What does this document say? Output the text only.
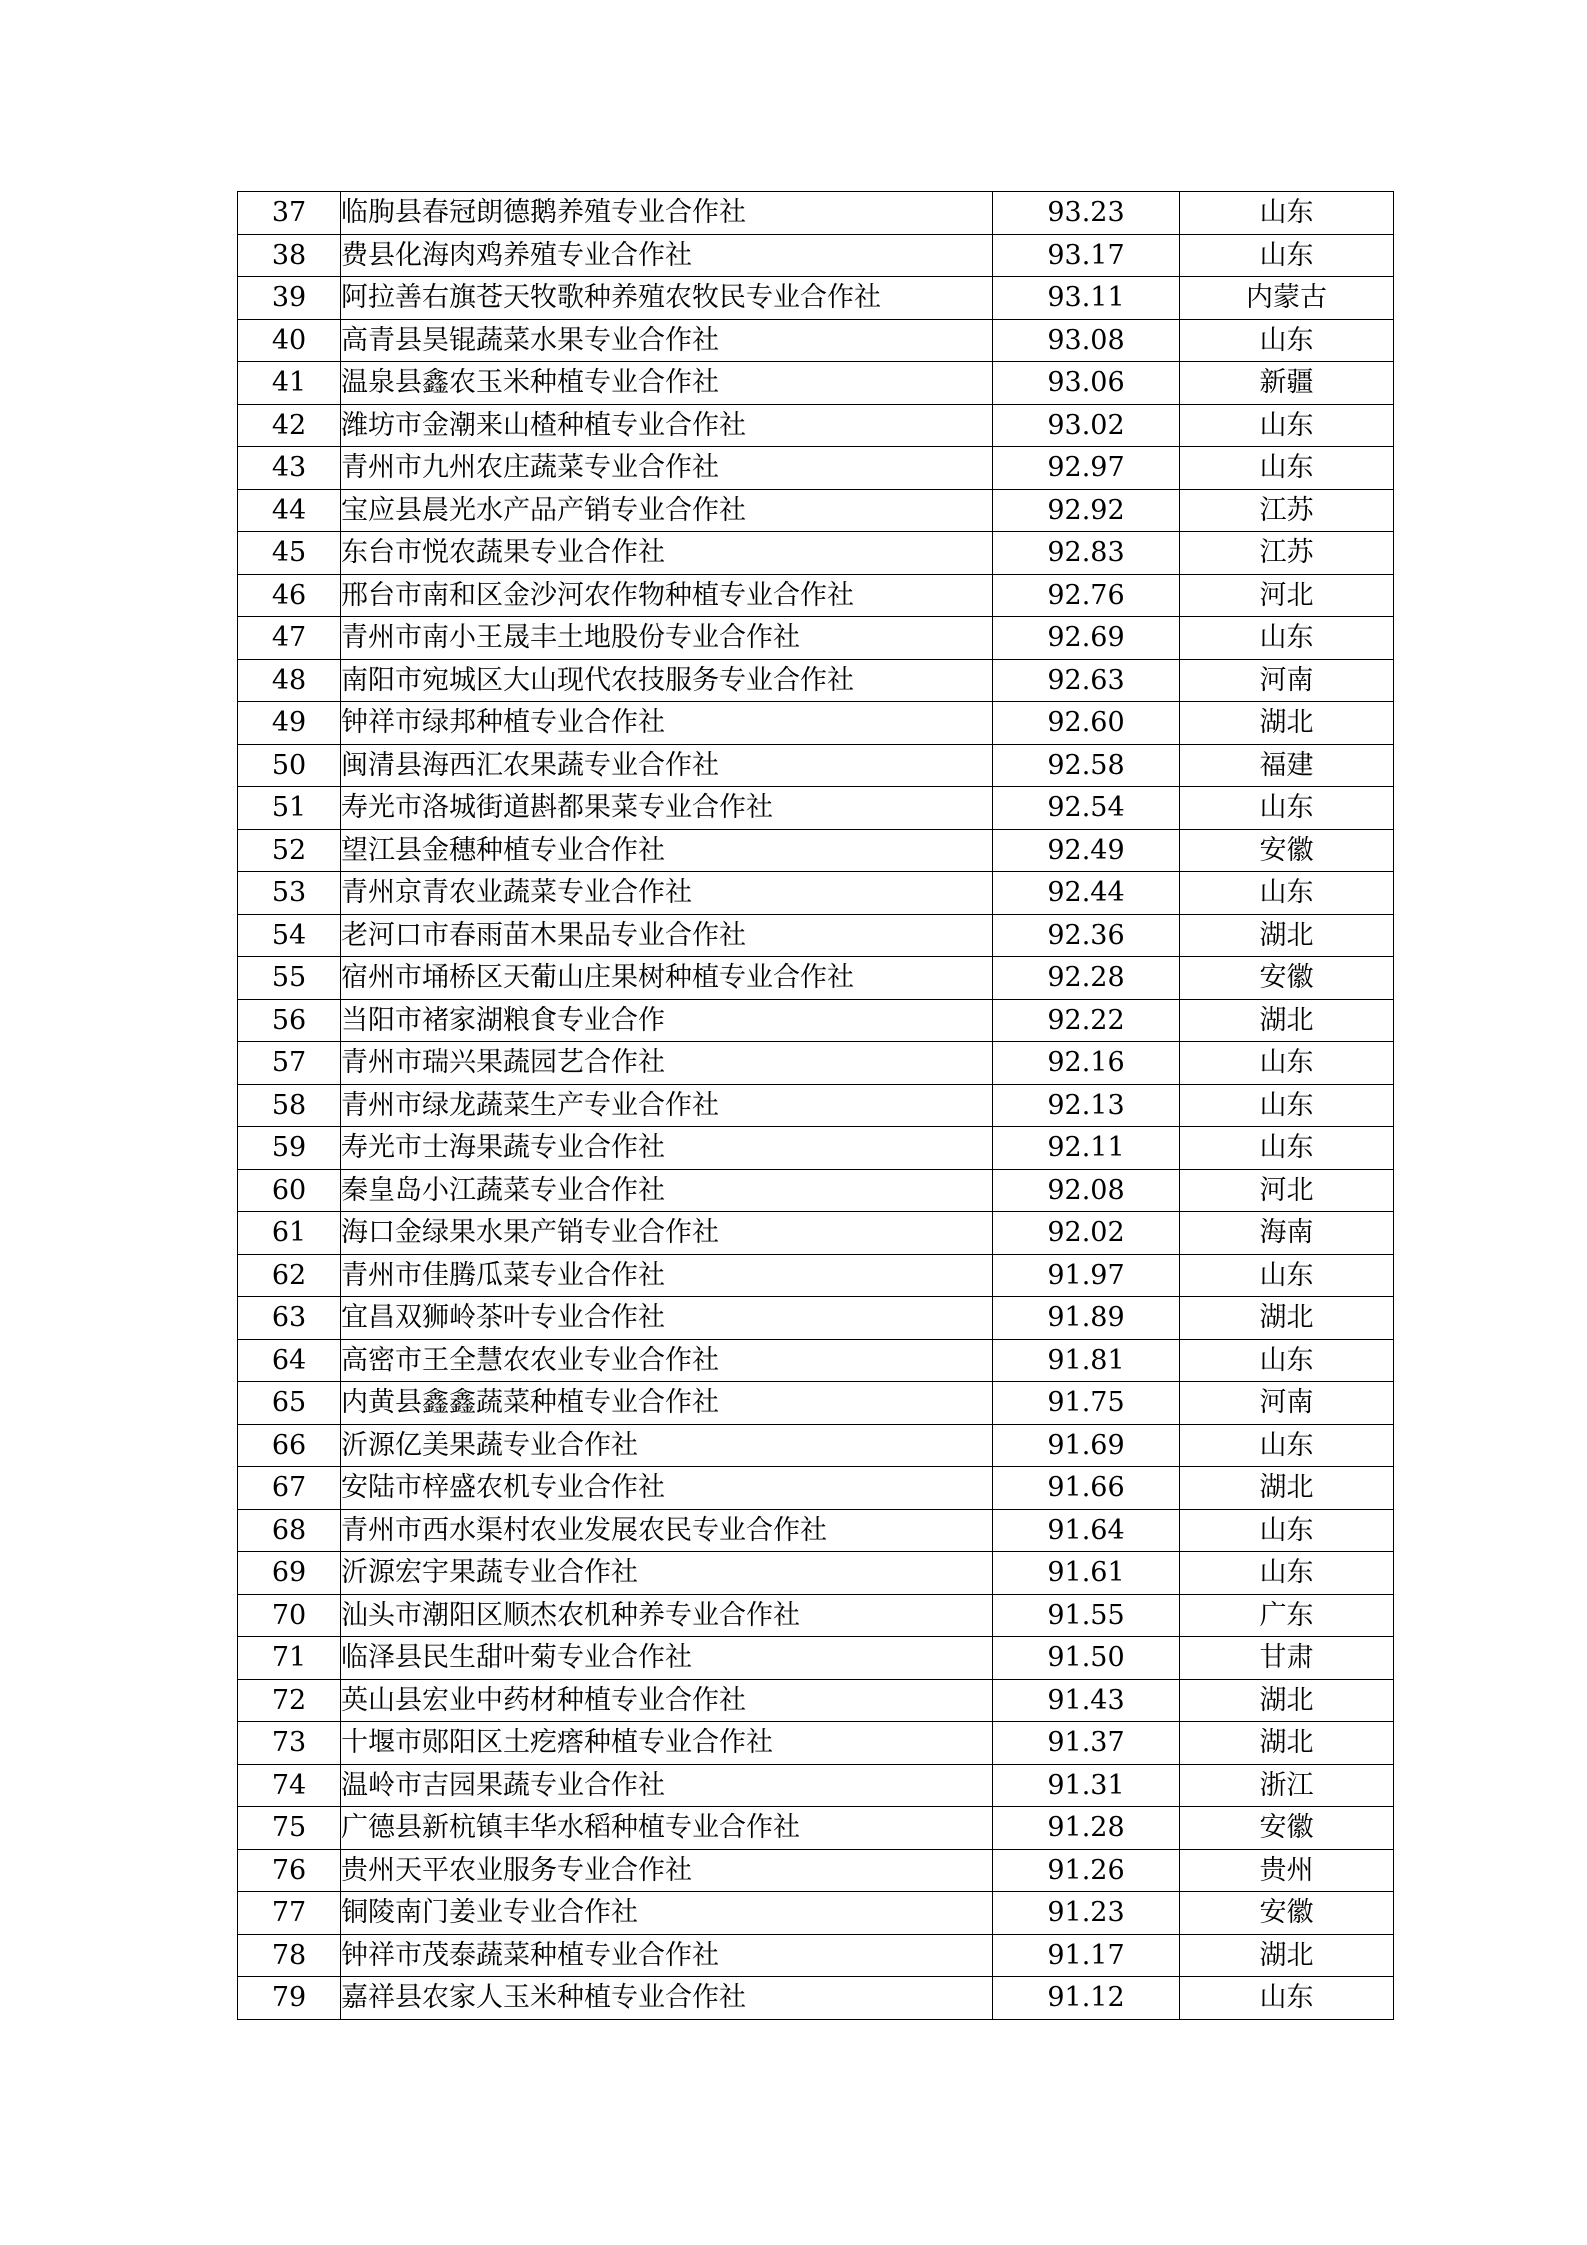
37	临朐县春冠朗德鹅养殖专业合作社	93.23	山东
38	费县化海肉鸡养殖专业合作社	93.17	山东
39	阿拉善右旗苍天牧歌种养殖农牧民专业合作社	93.11	内蒙古
40	高青县昊锟蔬菜水果专业合作社	93.08	山东
41	温泉县鑫农玉米种植专业合作社	93.06	新疆
42	潍坊市金潮来山楂种植专业合作社	93.02	山东
43	青州市九州农庄蔬菜专业合作社	92.97	山东
44	宝应县晨光水产品产销专业合作社	92.92	江苏
45	东台市悦农蔬果专业合作社	92.83	江苏
46	邢台市南和区金沙河农作物种植专业合作社	92.76	河北
47	青州市南小王晟丰土地股份专业合作社	92.69	山东
48	南阳市宛城区大山现代农技服务专业合作社	92.63	河南
49	钟祥市绿邦种植专业合作社	92.60	湖北
50	闽清县海西汇农果蔬专业合作社	92.58	福建
51	寿光市洛城街道斟都果菜专业合作社	92.54	山东
52	望江县金穗种植专业合作社	92.49	安徽
53	青州京青农业蔬菜专业合作社	92.44	山东
54	老河口市春雨苗木果品专业合作社	92.36	湖北
55	宿州市埇桥区天葡山庄果树种植专业合作社	92.28	安徽
56	当阳市褚家湖粮食专业合作	92.22	湖北
57	青州市瑞兴果蔬园艺合作社	92.16	山东
58	青州市绿龙蔬菜生产专业合作社	92.13	山东
59	寿光市士海果蔬专业合作社	92.11	山东
60	秦皇岛小江蔬菜专业合作社	92.08	河北
61	海口金绿果水果产销专业合作社	92.02	海南
62	青州市佳腾瓜菜专业合作社	91.97	山东
63	宜昌双狮岭茶叶专业合作社	91.89	湖北
64	高密市王全慧农农业专业合作社	91.81	山东
65	内黄县鑫鑫蔬菜种植专业合作社	91.75	河南
66	沂源亿美果蔬专业合作社	91.69	山东
67	安陆市梓盛农机专业合作社	91.66	湖北
68	青州市西水渠村农业发展农民专业合作社	91.64	山东
69	沂源宏宇果蔬专业合作社	91.61	山东
70	汕头市潮阳区顺杰农机种养专业合作社	91.55	广东
71	临泽县民生甜叶菊专业合作社	91.50	甘肃
72	英山县宏业中药材种植专业合作社	91.43	湖北
73	十堰市郧阳区土疙瘩种植专业合作社	91.37	湖北
74	温岭市吉园果蔬专业合作社	91.31	浙江
75	广德县新杭镇丰华水稻种植专业合作社	91.28	安徽
76	贵州天平农业服务专业合作社	91.26	贵州
77	铜陵南门姜业专业合作社	91.23	安徽
78	钟祥市茂泰蔬菜种植专业合作社	91.17	湖北
79	嘉祥县农家人玉米种植专业合作社	91.12	山东
